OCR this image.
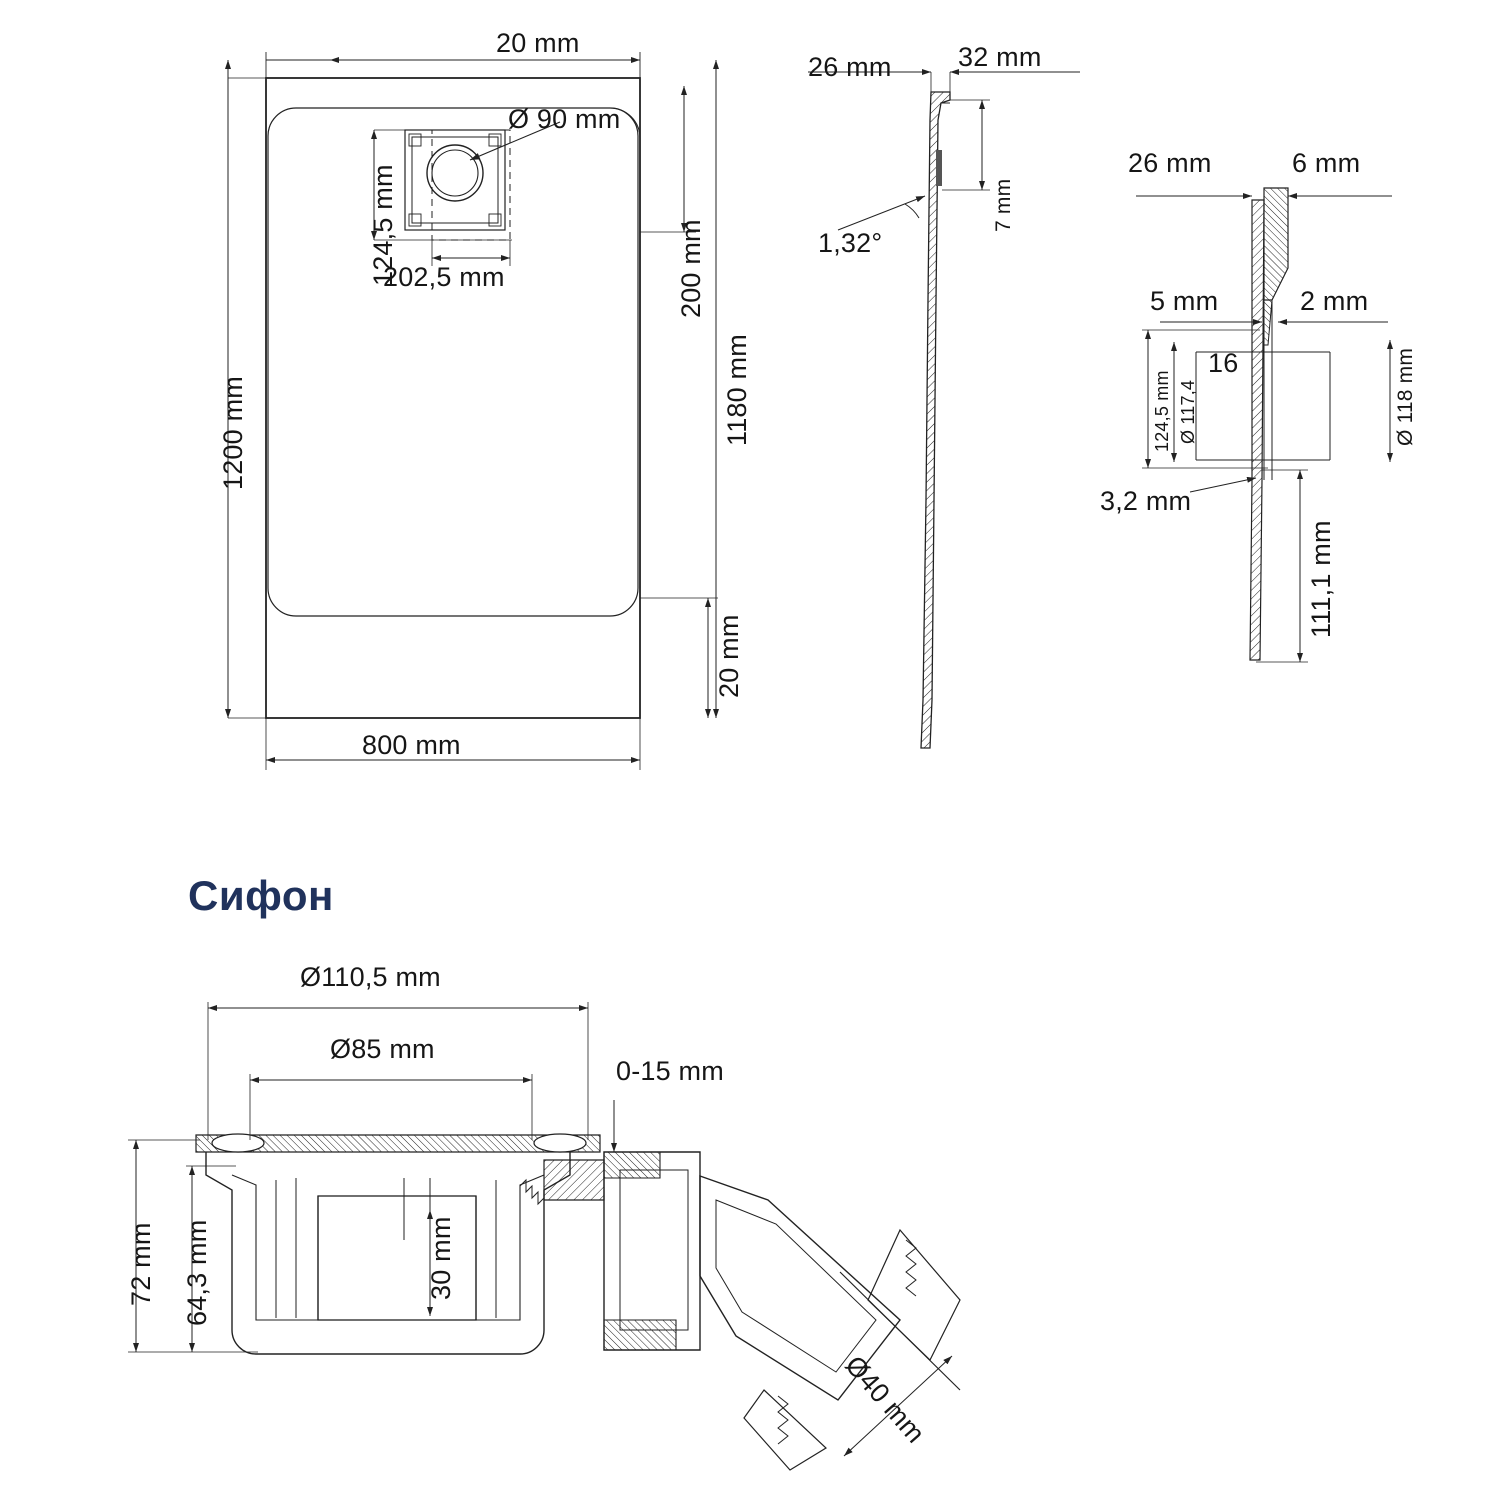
20 mm
Ø 90 mm
124,5 mm
202,5 mm
1200 mm	1180 mm
200 mm
20 mm
800 mm
26 mm 32 mm
7 mm
1,32°
26 mm	6 mm
5 mm	2 mm
16
124,5 mm Ø 117,4	Ø 118 mm
3,2 mm
111,1 mm
Сифон
Ø110,5 mm
Ø85 mm
0-15 mm
72 mm 64,3 mm	30 mm
Ø40 mm
